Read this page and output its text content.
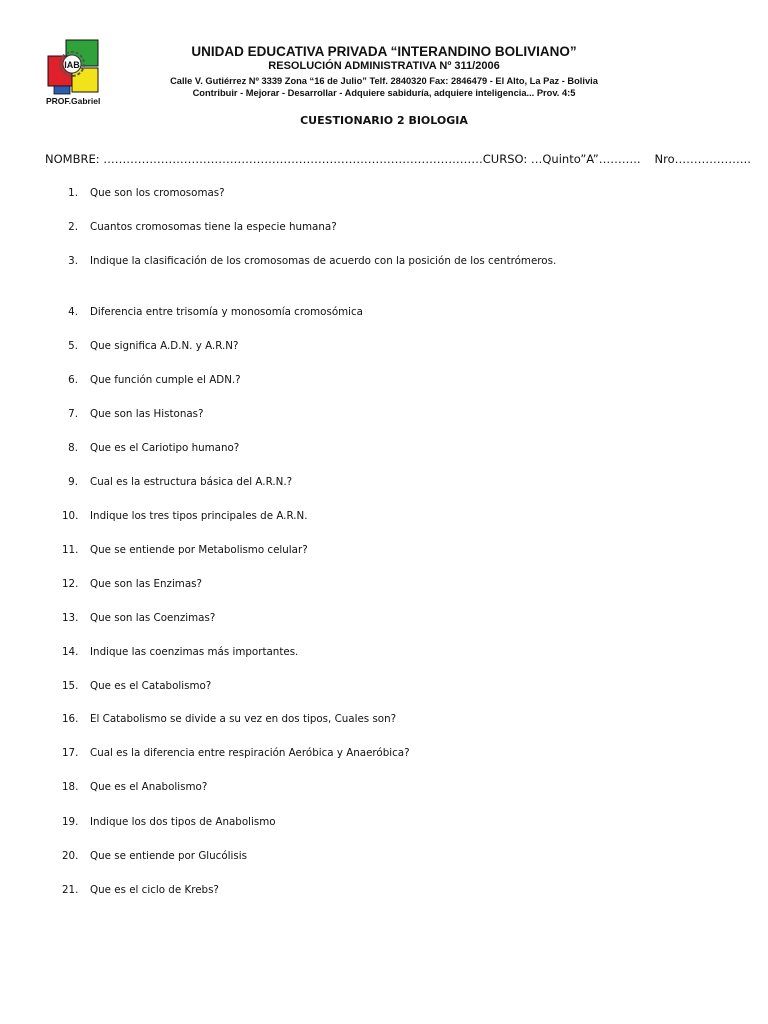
IAB
PROF.Gabriel
UNIDAD EDUCATIVA PRIVADA “INTERANDINO BOLIVIANO”
RESOLUCIÓN ADMINISTRATIVA Nº 311/2006
Calle V. Gutiérrez Nº 3339 Zona “16 de Julio” Telf. 2840320 Fax: 2846479 - El Alto, La Paz - Bolivia
Contribuir - Mejorar - Desarrollar - Adquiere sabiduría, adquiere inteligencia... Prov. 4:5
CUESTIONARIO 2 BIOLOGIA
NOMBRE: ………………………………………………………………………………………CURSO: …Quinto”A”……….. Nro………………..
1. Que son los cromosomas?
2. Cuantos cromosomas tiene la especie humana?
3. Indique la clasificación de los cromosomas de acuerdo con la posición de los centrómeros.
4. Diferencia entre trisomía y monosomía cromosómica
5. Que significa A.D.N. y A.R.N?
6. Que función cumple el ADN.?
7. Que son las Histonas?
8. Que es el Cariotipo humano?
9. Cual es la estructura básica del A.R.N.?
10. Indique los tres tipos principales de A.R.N.
11. Que se entiende por Metabolismo celular?
12. Que son las Enzimas?
13. Que son las Coenzimas?
14. Indique las coenzimas más importantes.
15. Que es el Catabolismo?
16. El Catabolismo se divide a su vez en dos tipos, Cuales son?
17. Cual es la diferencia entre respiración Aeróbica y Anaeróbica?
18. Que es el Anabolismo?
19. Indique los dos tipos de Anabolismo
20. Que se entiende por Glucólisis
21. Que es el ciclo de Krebs?
